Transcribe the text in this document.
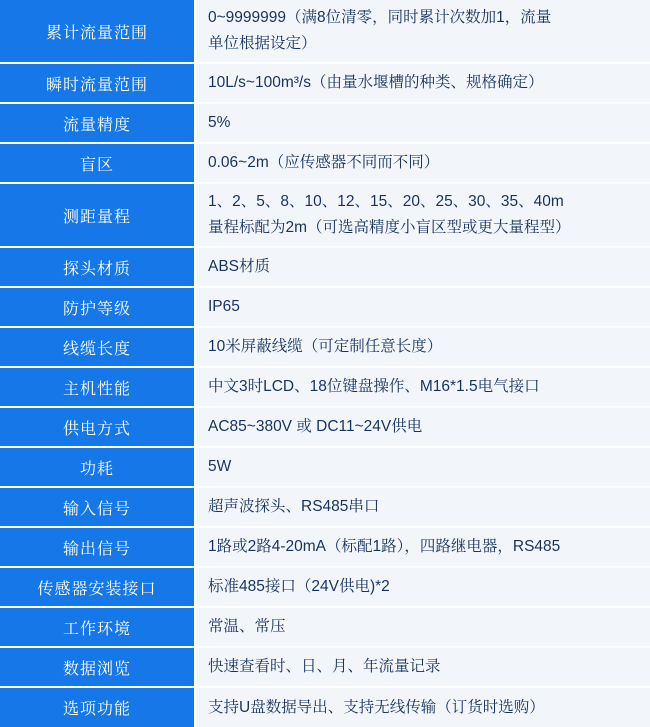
累计流量范围	0~9999999（满8位清零，同时累计次数加1，流量
单位根据设定）

瞬时流量范围	10L/s~100m³/s（由量水堰槽的种类、规格确定）

流量精度	5%

盲区	0.06~2m（应传感器不同而不同）

测距量程	1、2、5、8、10、12、15、20、25、30、35、40m
量程标配为2m（可选高精度小盲区型或更大量程型）

探头材质	ABS材质

防护等级	IP65

线缆长度	10米屏蔽线缆（可定制任意长度）

主机性能	中文3时LCD、18位键盘操作、M16*1.5电气接口

供电方式	AC85~380V 或 DC11~24V供电

功耗	5W

输入信号	超声波探头、RS485串口

输出信号	1路或2路4-20mA（标配1路），四路继电器，RS485

传感器安装接口	标准485接口（24V供电)*2

工作环境	常温、常压

数据浏览	快速查看时、日、月、年流量记录

选项功能	支持U盘数据导出、支持无线传输（订货时选购）
